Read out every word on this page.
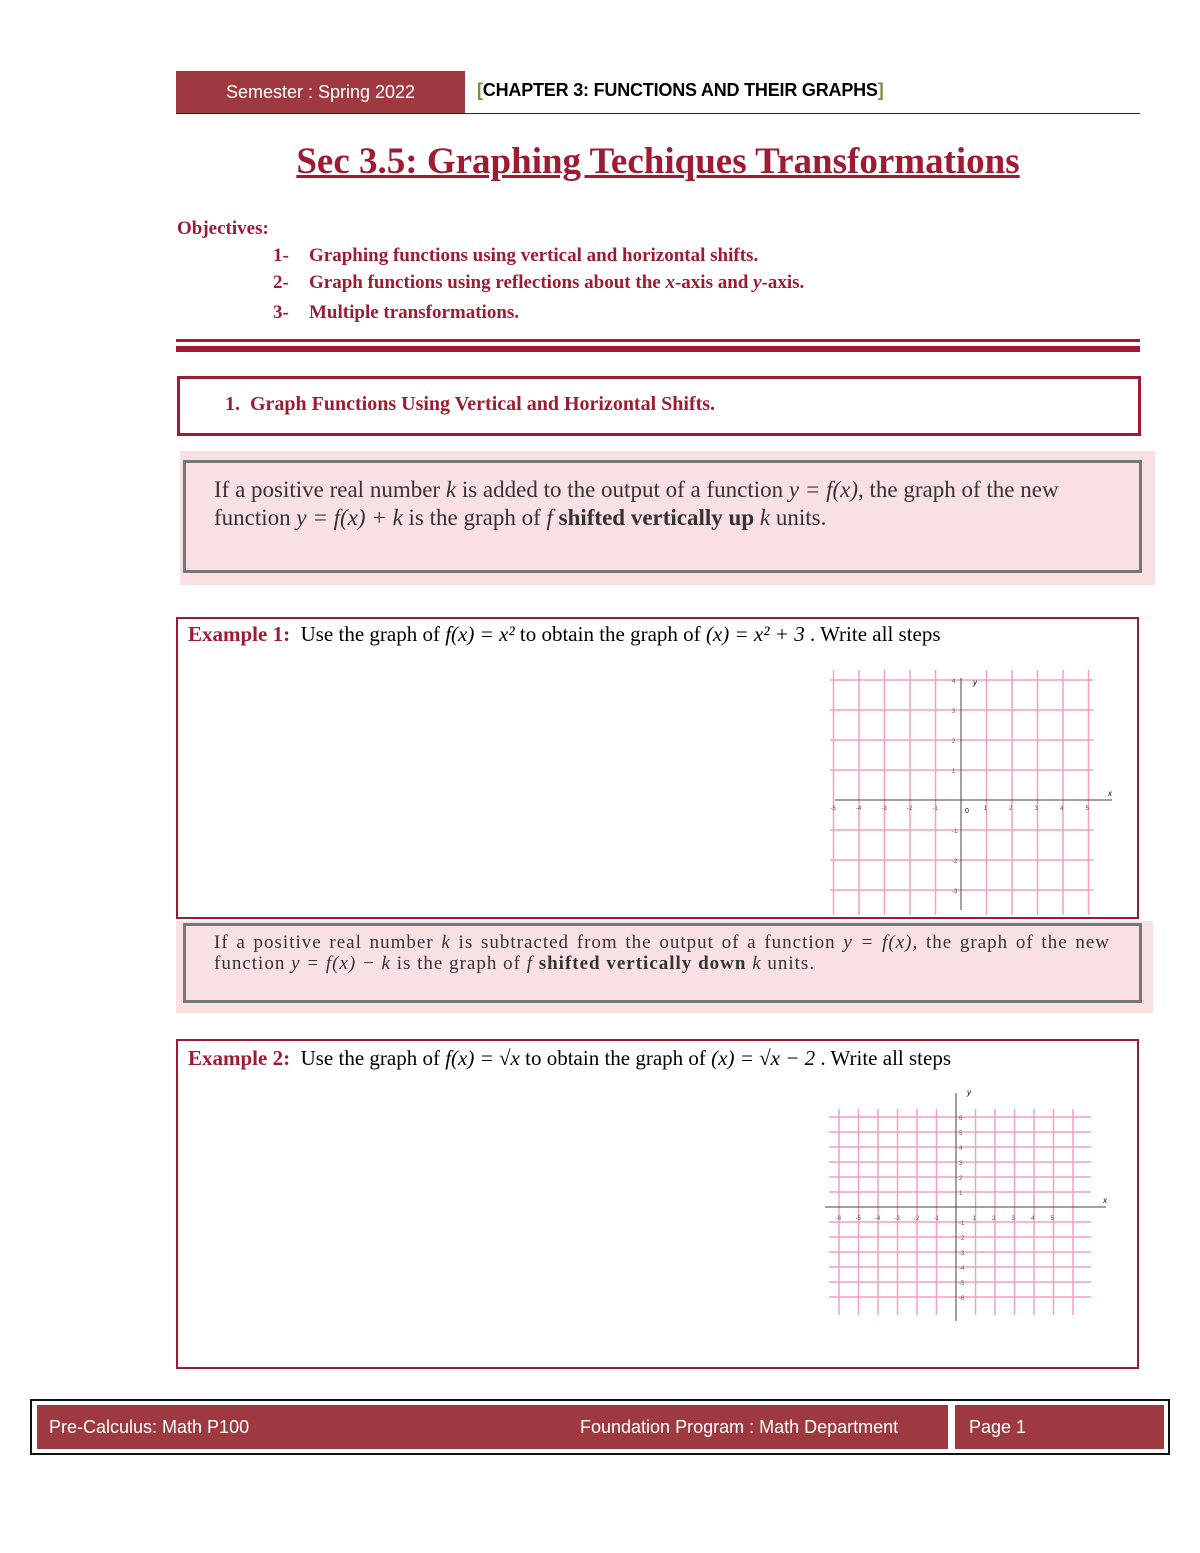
Semester : Spring 2022	[CHAPTER 3: FUNCTIONS AND THEIR GRAPHS]
Sec 3.5: Graphing Techiques Transformations
Objectives:
1- Graphing functions using vertical and horizontal shifts.
2- Graph functions using reflections about the x-axis and y-axis.
3- Multiple transformations.
1. Graph Functions Using Vertical and Horizontal Shifts.
If a positive real number k is added to the output of a function y = f(x), the graph of the new function y = f(x) + k is the graph of f shifted vertically up k units.
Example 1: Use the graph of f(x) = x² to obtain the graph of (x) = x² + 3 . Write all steps
-5	-4	-3	-2	-1	1	2	3	4	5
4
3
2
1
-1
-2
-3
x
y
0
If a positive real number k is subtracted from the output of a function y = f(x), the graph of the new function y = f(x) − k is the graph of f shifted vertically down k units.
Example 2: Use the graph of f(x) = √x to obtain the graph of (x) = √x − 2 . Write all steps
-6 -5 -4 -3 -2 -1	1	2	3	4	5
6
5
4
3
2
1
-1
-2
-3
-4
-5
-6
x
y
Pre-Calculus: Math P100	Foundation Program : Math Department	Page 1
